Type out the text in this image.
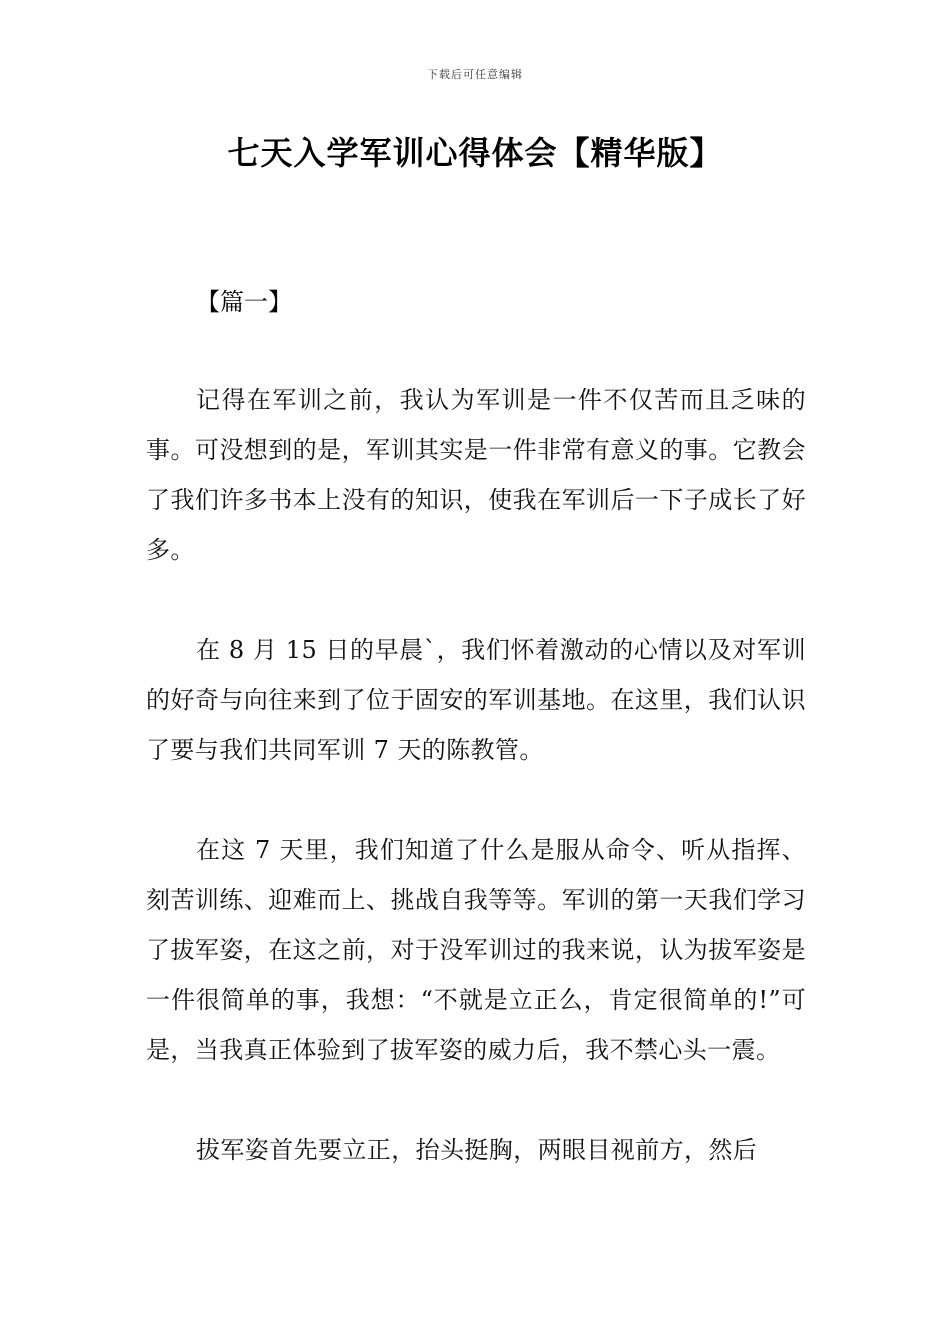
下载后可任意编辑
七天入学军训心得体会【精华版】
【篇一】

记得在军训之前，我认为军训是一件不仅苦而且乏味的事。可没想到的是，军训其实是一件非常有意义的事。它教会了我们许多书本上没有的知识，使我在军训后一下子成长了好多。

在 8 月 15 日的早晨`，我们怀着激动的心情以及对军训的好奇与向往来到了位于固安的军训基地。在这里，我们认识了要与我们共同军训 7 天的陈教管。

在这 7 天里，我们知道了什么是服从命令、听从指挥、刻苦训练、迎难而上、挑战自我等等。军训的第一天我们学习了拔军姿，在这之前，对于没军训过的我来说，认为拔军姿是一件很简单的事，我想：“不就是立正么，肯定很简单的!”可是，当我真正体验到了拔军姿的威力后，我不禁心头一震。

拔军姿首先要立正，抬头挺胸，两眼目视前方，然后
